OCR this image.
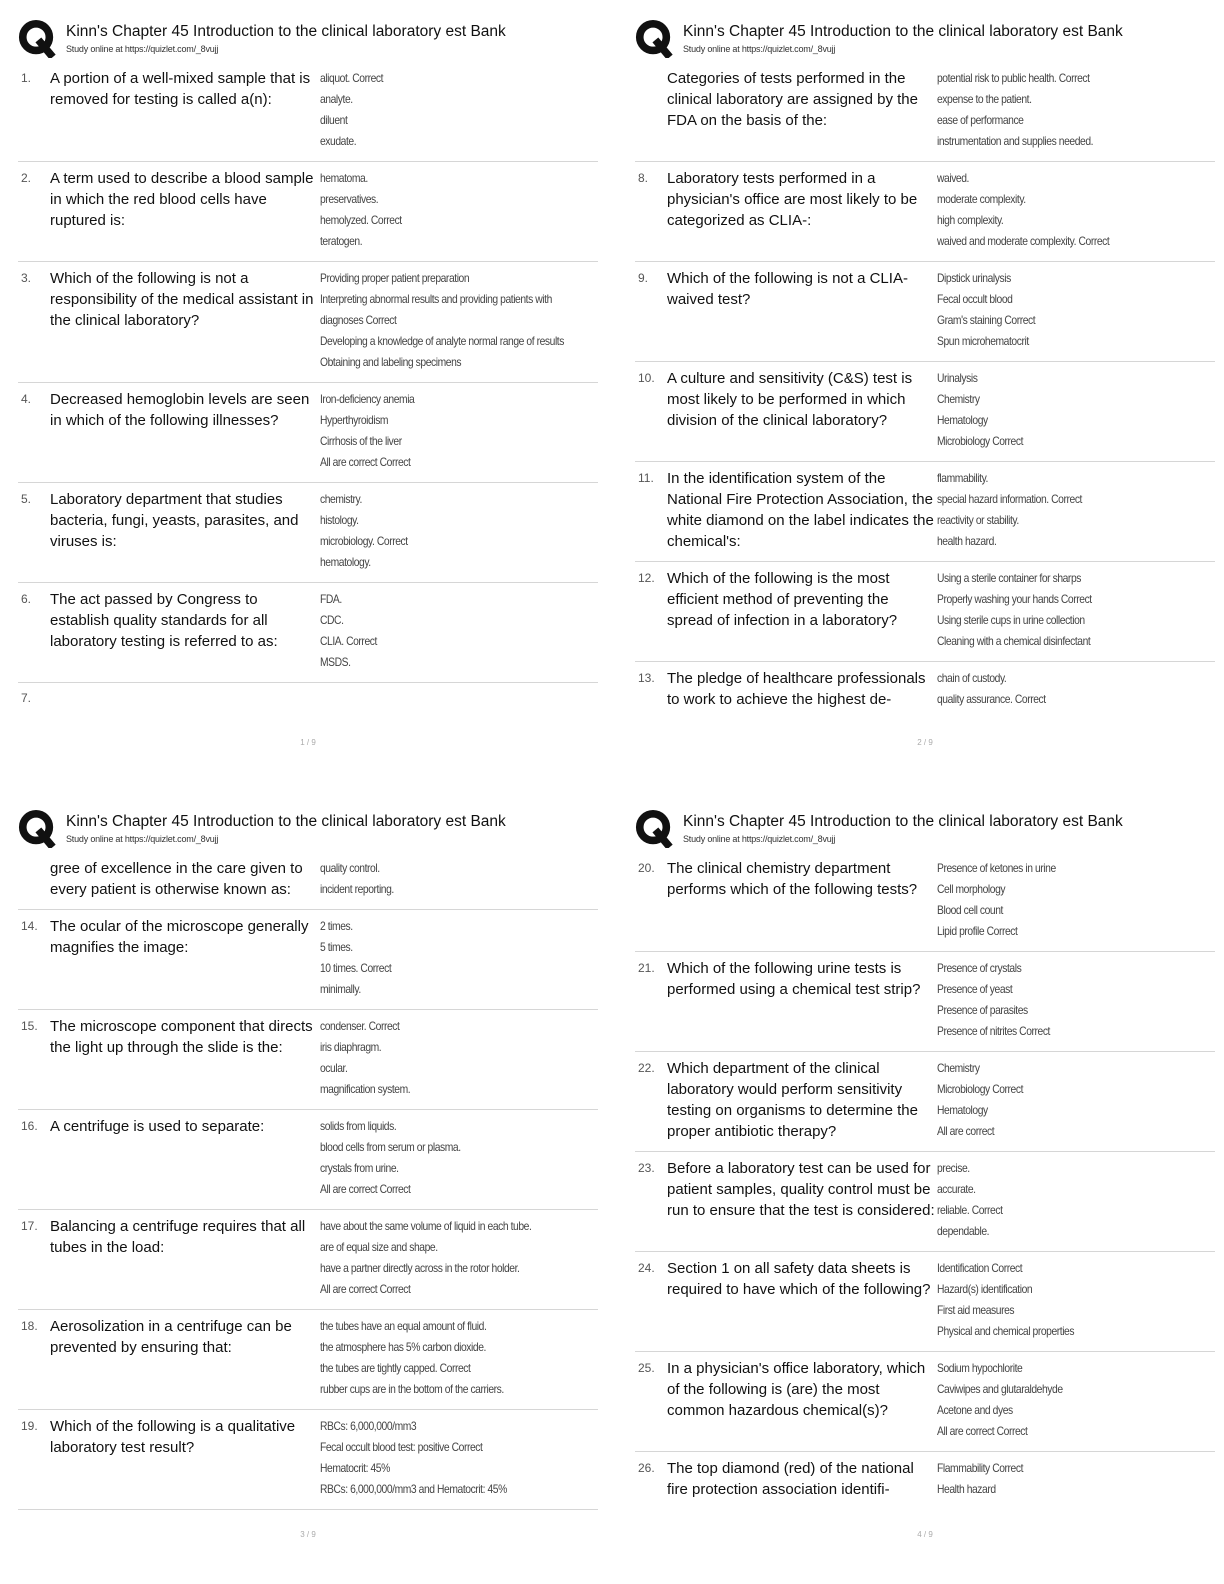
Kinn's Chapter 45 Introduction to the clinical laboratory est Bank
Study online at https://quizlet.com/_8vujj
1.	A portion of a well-mixed sample that is removed for testing is called a(n):
aliquot. Correct
analyte.
diluent
exudate.
2.	A term used to describe a blood sample in which the red blood cells have ruptured is:
hematoma.
preservatives.
hemolyzed. Correct
teratogen.
3.	Which of the following is not a responsibility of the medical assistant in the clinical laboratory?
Providing proper patient preparation
Interpreting abnormal results and providing patients with diagnoses Correct
Developing a knowledge of analyte normal range of results
Obtaining and labeling specimens
4.	Decreased hemoglobin levels are seen in which of the following illnesses?
Iron-deficiency anemia
Hyperthyroidism
Cirrhosis of the liver
All are correct Correct
5.	Laboratory department that studies bacteria, fungi, yeasts, parasites, and viruses is:
chemistry.
histology.
microbiology. Correct
hematology.
6.	The act passed by Congress to establish quality standards for all laboratory testing is referred to as:
FDA.
CDC.
CLIA. Correct
MSDS.
7.
1 / 9
Kinn's Chapter 45 Introduction to the clinical laboratory est Bank
Study online at https://quizlet.com/_8vujj
Categories of tests performed in the clinical laboratory are assigned by the FDA on the basis of the:
potential risk to public health. Correct
expense to the patient.
ease of performance
instrumentation and supplies needed.
8.	Laboratory tests performed in a physician's office are most likely to be categorized as CLIA-:
waived.
moderate complexity.
high complexity.
waived and moderate complexity. Correct
9.	Which of the following is not a CLIA-waived test?
Dipstick urinalysis
Fecal occult blood
Gram's staining Correct
Spun microhematocrit
10. A culture and sensitivity (C&S) test is most likely to be performed in which division of the clinical laboratory?
Urinalysis
Chemistry
Hematology
Microbiology Correct
11. In the identification system of the National Fire Protection Association, the white diamond on the label indicates the chemical's:
flammability.
special hazard information. Correct
reactivity or stability.
health hazard.
12. Which of the following is the most efficient method of preventing the spread of infection in a laboratory?
Using a sterile container for sharps
Properly washing your hands Correct
Using sterile cups in urine collection
Cleaning with a chemical disinfectant
13. The pledge of healthcare professionals to work to achieve the highest de-
chain of custody.
quality assurance. Correct
2 / 9
Kinn's Chapter 45 Introduction to the clinical laboratory est Bank
Study online at https://quizlet.com/_8vujj
gree of excellence in the care given to every patient is otherwise known as:
quality control.
incident reporting.
14. The ocular of the microscope generally magnifies the image:
2 times.
5 times.
10 times. Correct
minimally.
15. The microscope component that directs the light up through the slide is the:
condenser. Correct
iris diaphragm.
ocular.
magnification system.
16. A centrifuge is used to separate:	solids from liquids.
blood cells from serum or plasma.
crystals from urine.
All are correct Correct
17. Balancing a centrifuge requires that all tubes in the load:
have about the same volume of liquid in each tube.
are of equal size and shape.
have a partner directly across in the rotor holder.
All are correct Correct
18. Aerosolization in a centrifuge can be prevented by ensuring that:
the tubes have an equal amount of fluid.
the atmosphere has 5% carbon dioxide.
the tubes are tightly capped. Correct
rubber cups are in the bottom of the carriers.
19. Which of the following is a qualitative laboratory test result?
RBCs: 6,000,000/mm3
Fecal occult blood test: positive Correct
Hematocrit: 45%
RBCs: 6,000,000/mm3 and Hematocrit: 45%
3 / 9
Kinn's Chapter 45 Introduction to the clinical laboratory est Bank
Study online at https://quizlet.com/_8vujj
20. The clinical chemistry department performs which of the following tests?
Presence of ketones in urine
Cell morphology
Blood cell count
Lipid profile Correct
21. Which of the following urine tests is performed using a chemical test strip?
Presence of crystals
Presence of yeast
Presence of parasites
Presence of nitrites Correct
22. Which department of the clinical laboratory would perform sensitivity testing on organisms to determine the proper antibiotic therapy?
Chemistry
Microbiology Correct
Hematology
All are correct
23. Before a laboratory test can be used for patient samples, quality control must be run to ensure that the test is considered:
precise.
accurate.
reliable. Correct
dependable.
24. Section 1 on all safety data sheets is required to have which of the following?
Identification Correct
Hazard(s) identification
First aid measures
Physical and chemical properties
25. In a physician's office laboratory, which of the following is (are) the most common hazardous chemical(s)?
Sodium hypochlorite
Caviwipes and glutaraldehyde
Acetone and dyes
All are correct Correct
26. The top diamond (red) of the national fire protection association identifi-
Flammability Correct
Health hazard
4 / 9
